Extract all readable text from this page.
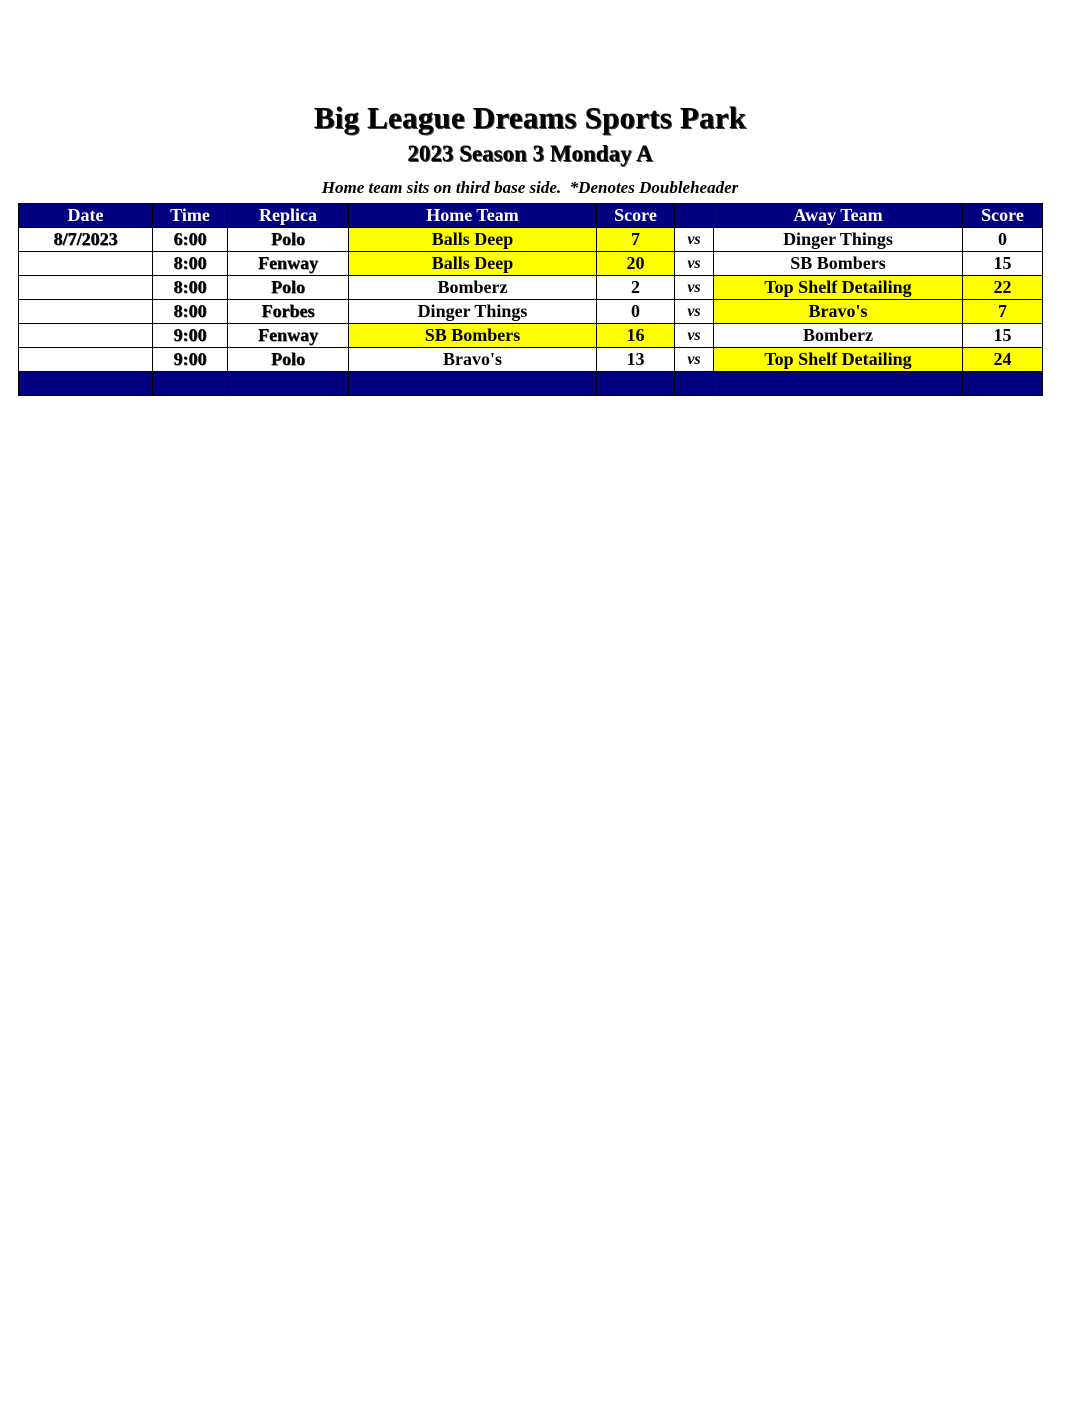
Big League Dreams Sports Park
2023 Season 3 Monday A
Home team sits on third base side.  *Denotes Doubleheader
Date	Time	Replica	Home Team	Score		Away Team	Score
8/7/2023	6:00	Polo	Balls Deep	7	vs	Dinger Things	0
	8:00	Fenway	Balls Deep	20	vs	SB Bombers	15
	8:00	Polo	Bomberz	2	vs	Top Shelf Detailing	22
	8:00	Forbes	Dinger Things	0	vs	Bravo's	7
	9:00	Fenway	SB Bombers	16	vs	Bomberz	15
	9:00	Polo	Bravo's	13	vs	Top Shelf Detailing	24
